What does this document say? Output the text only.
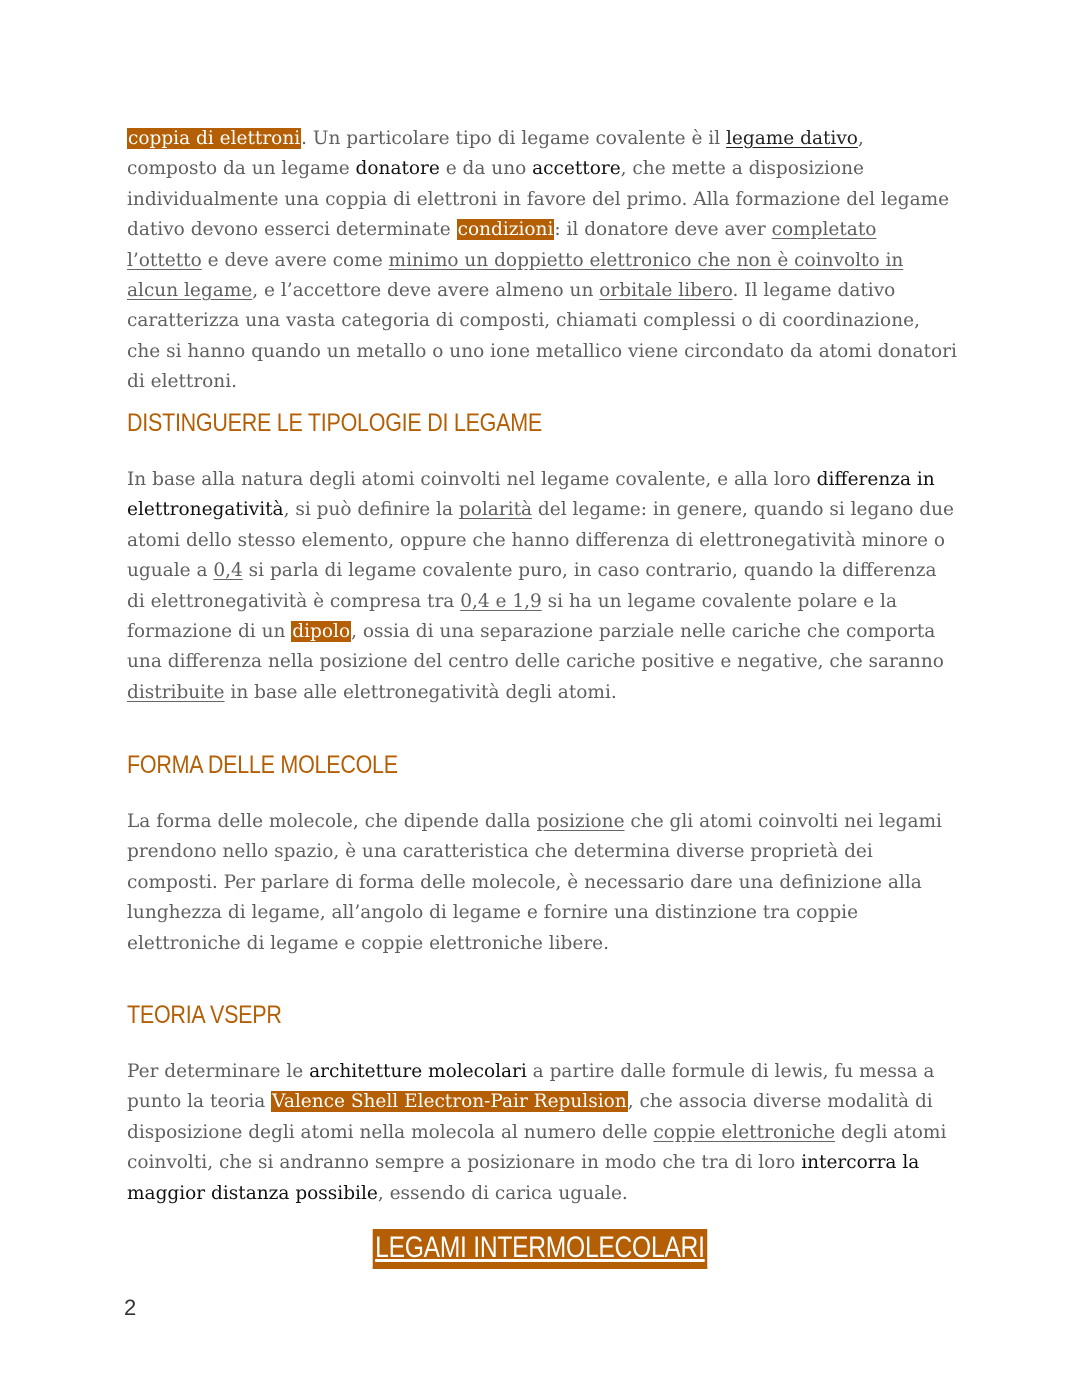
coppia di elettroni. Un particolare tipo di legame covalente è il legame dativo, composto da un legame donatore e da uno accettore, che mette a disposizione individualmente una coppia di elettroni in favore del primo. Alla formazione del legame dativo devono esserci determinate condizioni: il donatore deve aver completato l’ottetto e deve avere come minimo un doppietto elettronico che non è coinvolto in alcun legame, e l’accettore deve avere almeno un orbitale libero. Il legame dativo caratterizza una vasta categoria di composti, chiamati complessi o di coordinazione, che si hanno quando un metallo o uno ione metallico viene circondato da atomi donatori di elettroni.

DISTINGUERE LE TIPOLOGIE DI LEGAME

In base alla natura degli atomi coinvolti nel legame covalente, e alla loro differenza in elettronegatività, si può definire la polarità del legame: in genere, quando si legano due atomi dello stesso elemento, oppure che hanno differenza di elettronegatività minore o uguale a 0,4 si parla di legame covalente puro, in caso contrario, quando la differenza di elettronegatività è compresa tra 0,4 e 1,9 si ha un legame covalente polare e la formazione di un dipolo, ossia di una separazione parziale nelle cariche che comporta una differenza nella posizione del centro delle cariche positive e negative, che saranno distribuite in base alle elettronegatività degli atomi.

FORMA DELLE MOLECOLE

La forma delle molecole, che dipende dalla posizione che gli atomi coinvolti nei legami prendono nello spazio, è una caratteristica che determina diverse proprietà dei composti. Per parlare di forma delle molecole, è necessario dare una definizione alla lunghezza di legame, all’angolo di legame e fornire una distinzione tra coppie elettroniche di legame e coppie elettroniche libere.

TEORIA VSEPR

Per determinare le architetture molecolari a partire dalle formule di lewis, fu messa a punto la teoria Valence Shell Electron-Pair Repulsion, che associa diverse modalità di disposizione degli atomi nella molecola al numero delle coppie elettroniche degli atomi coinvolti, che si andranno sempre a posizionare in modo che tra di loro intercorra la maggior distanza possibile, essendo di carica uguale.

LEGAMI INTERMOLECOLARI
2
